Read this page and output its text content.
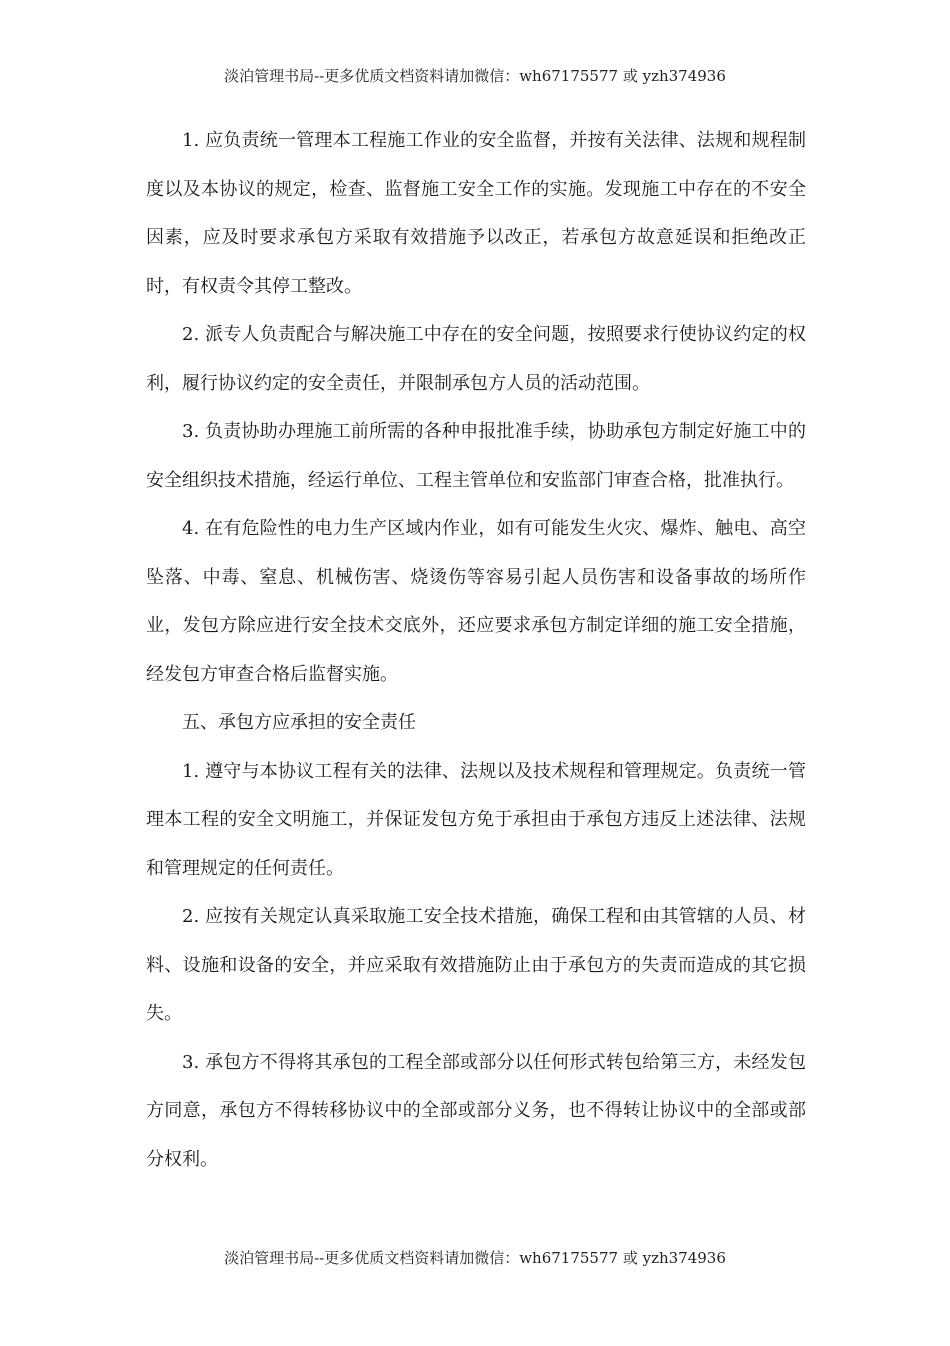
淡泊管理书局--更多优质文档资料请加微信：wh67175577 或 yzh374936

1. 应负责统一管理本工程施工作业的安全监督，并按有关法律、法规和规程制度以及本协议的规定，检查、监督施工安全工作的实施。发现施工中存在的不安全因素，应及时要求承包方采取有效措施予以改正，若承包方故意延误和拒绝改正时，有权责令其停工整改。

2. 派专人负责配合与解决施工中存在的安全问题，按照要求行使协议约定的权利，履行协议约定的安全责任，并限制承包方人员的活动范围。

3. 负责协助办理施工前所需的各种申报批准手续，协助承包方制定好施工中的安全组织技术措施，经运行单位、工程主管单位和安监部门审查合格，批准执行。

4. 在有危险性的电力生产区域内作业，如有可能发生火灾、爆炸、触电、高空坠落、中毒、窒息、机械伤害、烧烫伤等容易引起人员伤害和设备事故的场所作业，发包方除应进行安全技术交底外，还应要求承包方制定详细的施工安全措施，经发包方审查合格后监督实施。

五、承包方应承担的安全责任

1. 遵守与本协议工程有关的法律、法规以及技术规程和管理规定。负责统一管理本工程的安全文明施工，并保证发包方免于承担由于承包方违反上述法律、法规和管理规定的任何责任。

2. 应按有关规定认真采取施工安全技术措施，确保工程和由其管辖的人员、材料、设施和设备的安全，并应采取有效措施防止由于承包方的失责而造成的其它损失。

3. 承包方不得将其承包的工程全部或部分以任何形式转包给第三方，未经发包方同意，承包方不得转移协议中的全部或部分义务，也不得转让协议中的全部或部分权利。

淡泊管理书局--更多优质文档资料请加微信：wh67175577 或 yzh374936
